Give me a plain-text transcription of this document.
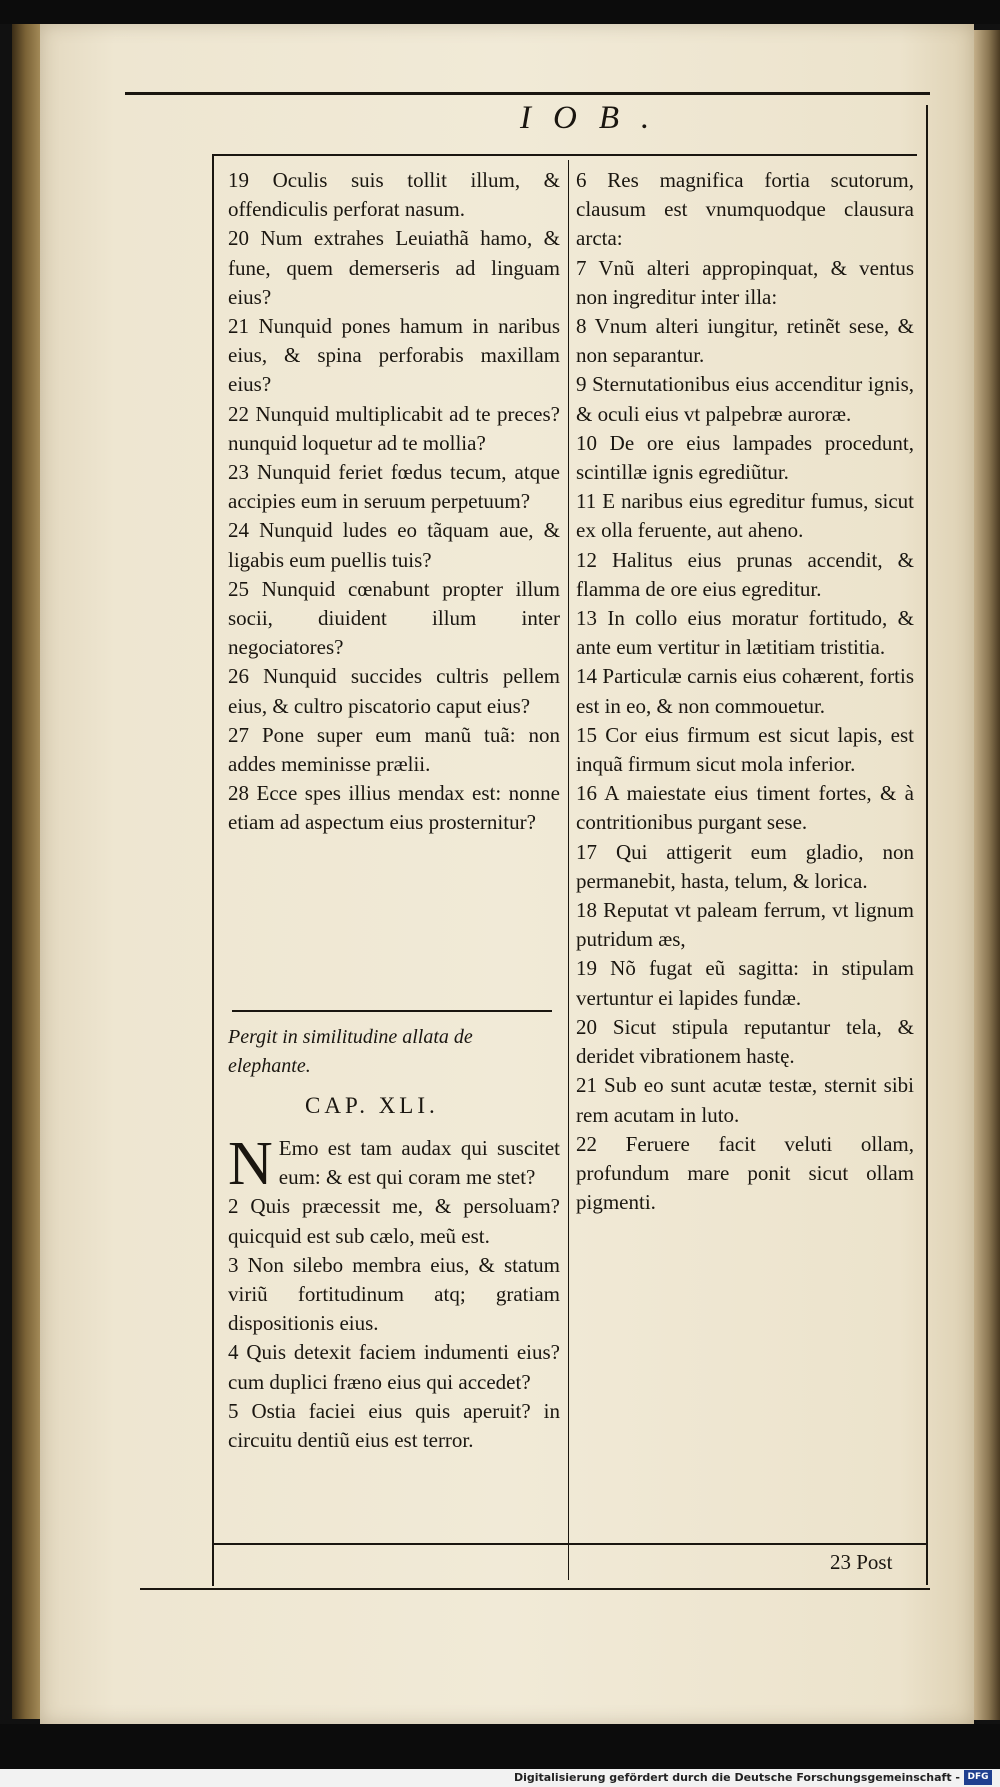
IOB.

19 Oculis suis tollit illum, & offendiculis perforat nasum.

20 Num extrahes Leuiathã hamo, & fune, quem demerseris ad linguam eius?

21 Nunquid pones hamum in naribus eius, & spina perforabis maxillam eius?

22 Nunquid multiplicabit ad te preces? nunquid loquetur ad te mollia?

23 Nunquid feriet fœdus tecum, atque accipies eum in seruum perpetuum?

24 Nunquid ludes eo tãquam aue, & ligabis eum puellis tuis?

25 Nunquid cœnabunt propter illum socii, diuident illum inter negociatores?

26 Nunquid succides cultris pellem eius, & cultro piscatorio caput eius?

27 Pone super eum manũ tuã: non addes meminisse prælii.

28 Ecce spes illius mendax est: nonne etiam ad aspectum eius prosternitur?

Pergit in similitudine allata de elephante.
CAP. XLI.

N Emo est tam audax qui suscitet eum: & est qui coram me stet?

2 Quis præcessit me, & persoluam? quicquid est sub cælo, meũ est.

3 Non silebo membra eius, & statum viriũ fortitudinum atq; gratiam dispositionis eius.

4 Quis detexit faciem indumenti eius? cum duplici fræno eius qui accedet?

5 Ostia faciei eius quis aperuit? in circuitu dentiũ eius est terror.

6 Res magnifica fortia scutorum, clausum est vnumquodque clausura arcta:

7 Vnũ alteri appropinquat, & ventus non ingreditur inter illa:

8 Vnum alteri iungitur, retinẽt sese, & non separantur.

9 Sternutationibus eius accenditur ignis, & oculi eius vt palpebræ auroræ.

10 De ore eius lampades procedunt, scintillæ ignis egrediũtur.

11 E naribus eius egreditur fumus, sicut ex olla feruente, aut aheno.

12 Halitus eius prunas accendit, & flamma de ore eius egreditur.

13 In collo eius moratur fortitudo, & ante eum vertitur in lætitiam tristitia.

14 Particulæ carnis eius cohærent, fortis est in eo, & non commouetur.

15 Cor eius firmum est sicut lapis, est inquã firmum sicut mola inferior.

16 A maiestate eius timent fortes, & à contritionibus purgant sese.

17 Qui attigerit eum gladio, non permanebit, hasta, telum, & lorica.

18 Reputat vt paleam ferrum, vt lignum putridum æs,

19 Nõ fugat eũ sagitta: in stipulam vertuntur ei lapides fundæ.

20 Sicut stipula reputantur tela, & deridet vibrationem hastę.

21 Sub eo sunt acutæ testæ, sternit sibi rem acutam in luto.

22 Feruere facit veluti ollam, profundum mare ponit sicut ollam pigmenti.

23 Post
Digitalisierung gefördert durch die Deutsche Forschungsgemeinschaft - DFG
